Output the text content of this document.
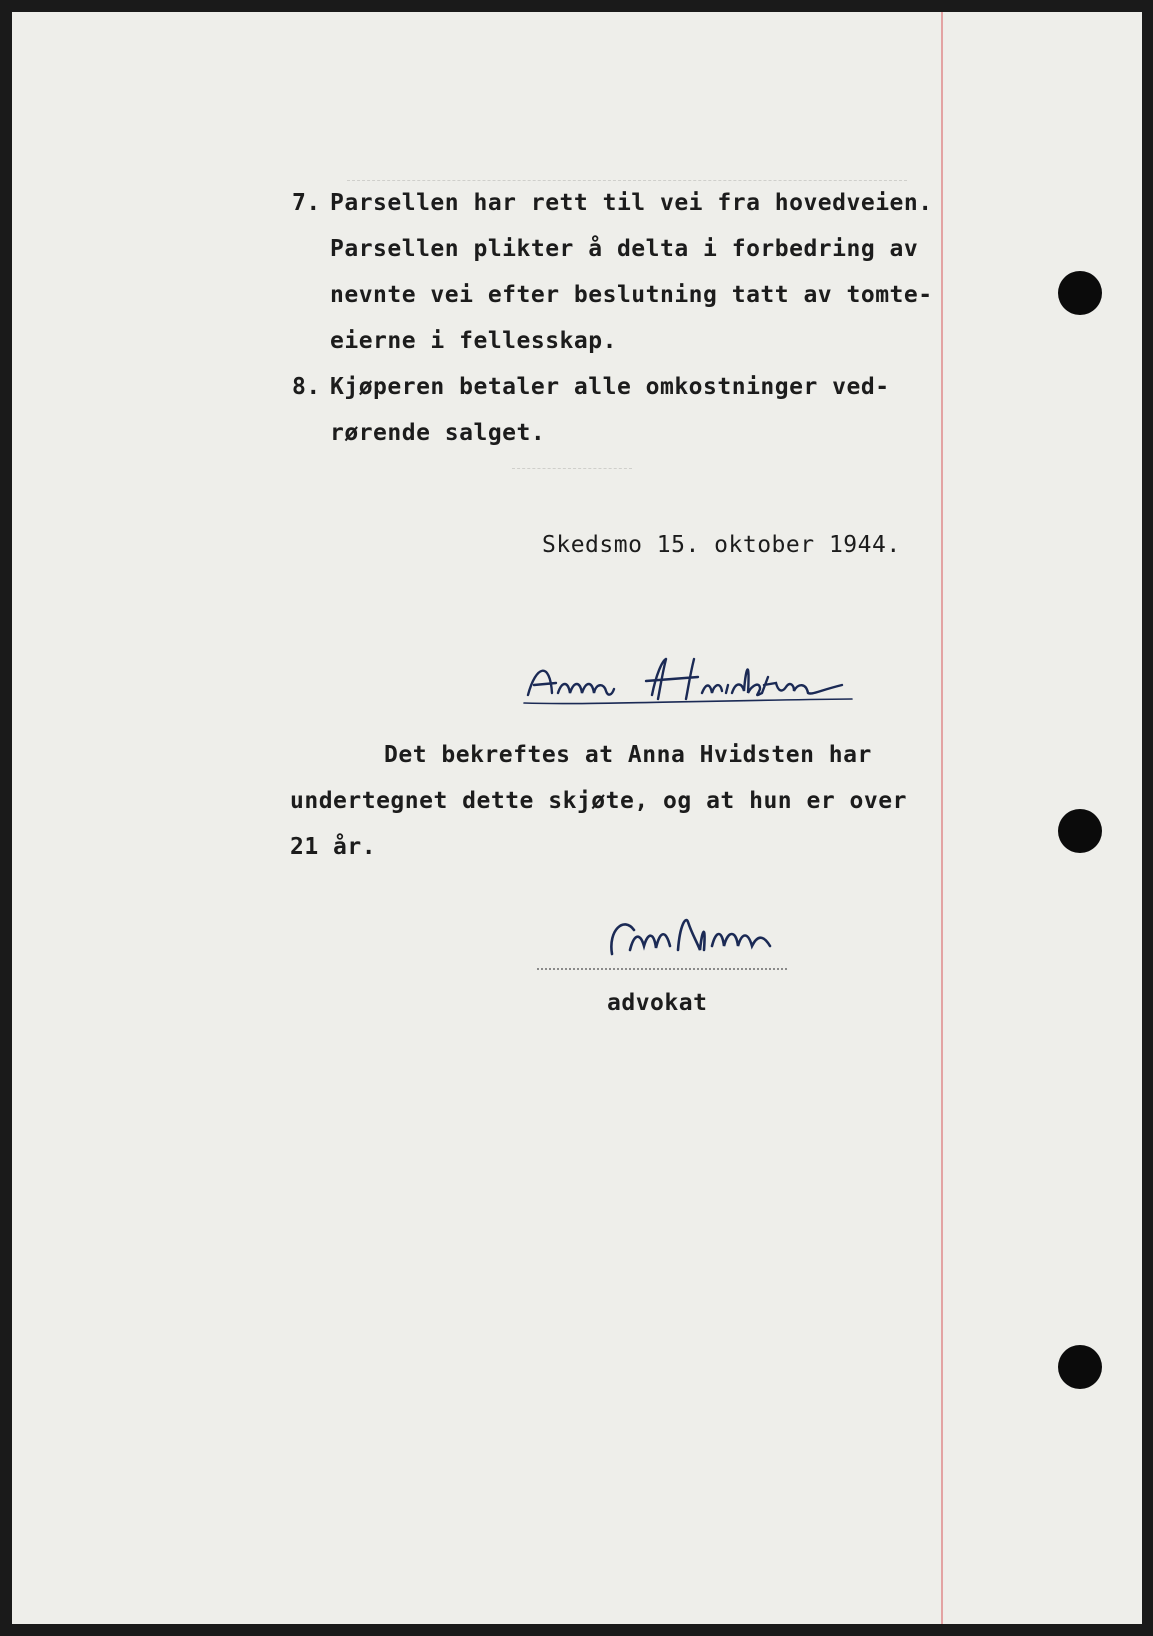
7. Parsellen har rett til vei fra hovedveien.
Parsellen plikter å delta i forbedring av
nevnte vei efter beslutning tatt av tomte-
eierne i fellesskap.
8. Kjøperen betaler alle omkostninger ved-
rørende salget.
Skedsmo 15. oktober 1944.
Det bekreftes at Anna Hvidsten har
undertegnet dette skjøte, og at hun er over
21 år.
advokat
